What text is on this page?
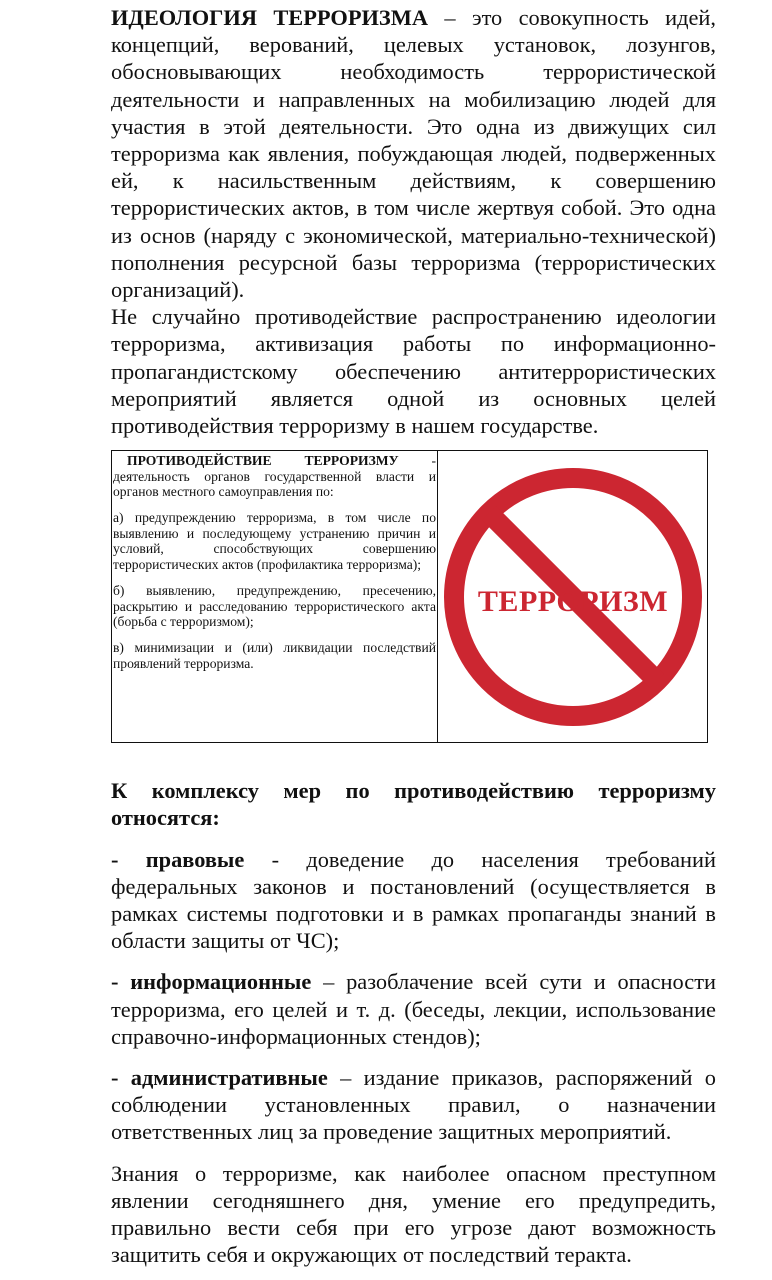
ИДЕОЛОГИЯ ТЕРРОРИЗМА – это совокупность идей, концепций, верований, целевых установок, лозунгов, обосновывающих необходимость террористической деятельности и направленных на мобилизацию людей для участия в этой деятельности. Это одна из движущих сил терроризма как явления, побуждающая людей, подверженных ей, к насильственным действиям, к совершению террористических актов, в том числе жертвуя собой. Это одна из основ (наряду с экономической, материально-технической) пополнения ресурсной базы терроризма (террористических организаций).

Не случайно противодействие распространению идеологии терроризма, активизация работы по информационно-пропагандистскому обеспечению антитеррористических мероприятий является одной из основных целей противодействия терроризму в нашем государстве.

ПРОТИВОДЕЙСТВИЕ ТЕРРОРИЗМУ - деятельность органов государственной власти и органов местного самоуправления по:

а) предупреждению терроризма, в том числе по выявлению и последующему устранению причин и условий, способствующих совершению террористических актов (профилактика терроризма);

б) выявлению, предупреждению, пресечению, раскрытию и расследованию террористического акта (борьба с терроризмом);

в) минимизации и (или) ликвидации последствий проявлений терроризма.

ТЕРРОРИЗМ

К комплексу мер по противодействию терроризму относятся:

- правовые - доведение до населения требований федеральных законов и постановлений (осуществляется в рамках системы подготовки и в рамках пропаганды знаний в области защиты от ЧС);

- информационные – разоблачение всей сути и опасности терроризма, его целей и т. д. (беседы, лекции, использование справочно-информационных стендов);

- административные – издание приказов, распоряжений о соблюдении установленных правил, о назначении ответственных лиц за проведение защитных мероприятий.

Знания о терроризме, как наиболее опасном преступном явлении сегодняшнего дня, умение его предупредить, правильно вести себя при его угрозе дают возможность защитить себя и окружающих от последствий теракта.
